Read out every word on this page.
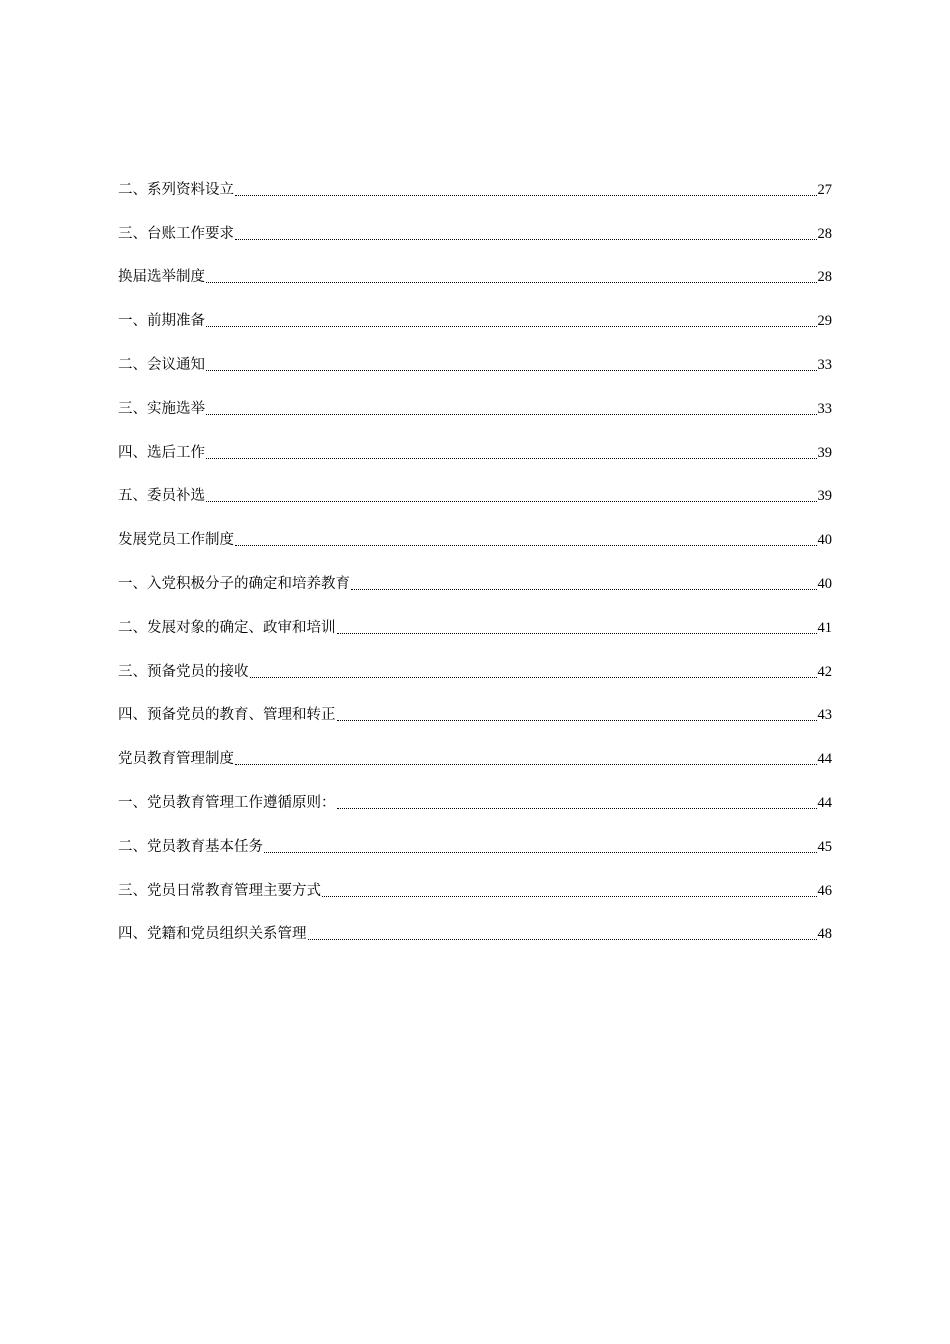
二、系列资料设立	27
三、台账工作要求	28
换届选举制度	28
一、前期准备	29
二、会议通知	33
三、实施选举	33
四、选后工作	39
五、委员补选	39
发展党员工作制度	40
一、入党积极分子的确定和培养教育	40
二、发展对象的确定、政审和培训	41
三、预备党员的接收	42
四、预备党员的教育、管理和转正	43
党员教育管理制度	44
一、党员教育管理工作遵循原则：	44
二、党员教育基本任务	45
三、党员日常教育管理主要方式	46
四、党籍和党员组织关系管理	48
